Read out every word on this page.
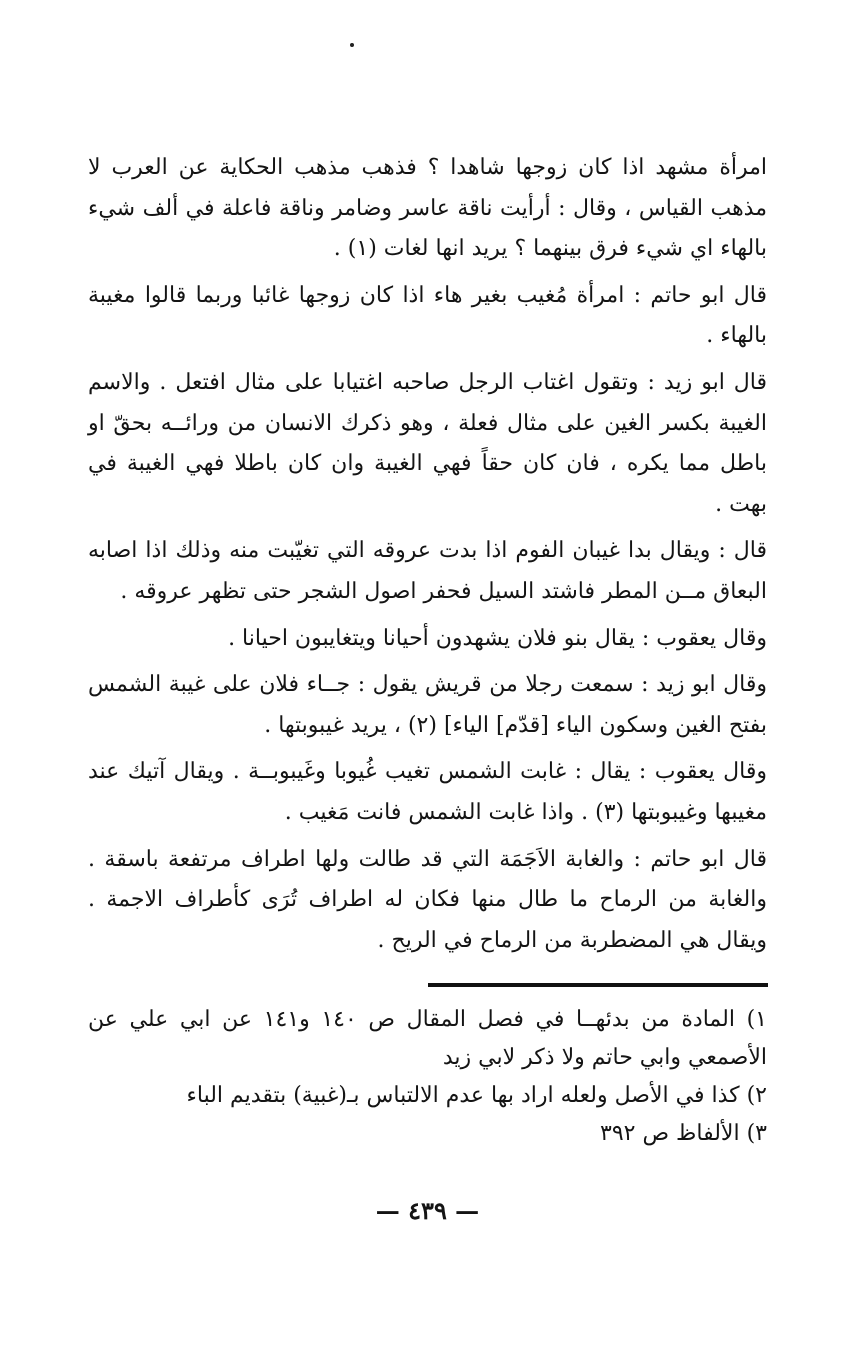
امرأة مشهد اذا كان زوجها شاهدا ؟ فذهب مذهب الحكاية عن العرب لا مذهب القياس ، وقال : أرأيت ناقة عاسر وضامر وناقة فاعلة في ألف شيء بالهاء اي شيء فرق بينهما ؟ يريد انها لغات (١) .

قال ابو حاتم : امرأة مُغيب بغير هاء اذا كان زوجها غائبا وربما قالوا مغيبة بالهاء .

قال ابو زيد : وتقول اغتاب الرجل صاحبه اغتيابا على مثال افتعل . والاسم الغيبة بكسر الغين على مثال فعلة ، وهو ذكرك الانسان من ورائــه بحقّ او باطل مما يكره ، فان كان حقاً فهي الغيبة وان كان باطلا فهي الغيبة في بهت .

قال : ويقال بدا غيبان الفوم اذا بدت عروقه التي تغيّبت منه وذلك اذا اصابه البعاق مــن المطر فاشتد السيل فحفر اصول الشجر حتى تظهر عروقه .

وقال يعقوب : يقال بنو فلان يشهدون أحيانا ويتغايبون احيانا .

وقال ابو زيد : سمعت رجلا من قريش يقول : جــاء فلان على غيبة الشمس بفتح الغين وسكون الياء [قدّم] الياء] (٢) ، يريد غيبوبتها .

وقال يعقوب : يقال : غابت الشمس تغيب غُيوبا وغَيبوبــة . ويقال آتيك عند مغيبها وغيبوبتها (٣) . واذا غابت الشمس فانت مَغيب .

قال ابو حاتم : والغابة الاَجَمَة التي قد طالت ولها اطراف مرتفعة باسقة . والغابة من الرماح ما طال منها فكان له اطراف تُرَى كأطراف الاجمة . ويقال هي المضطربة من الرماح في الريح .

١) المادة من بدئهــا في فصل المقال ص ١٤٠ و١٤١ عن ابي علي عن الأصمعي وابي حاتم ولا ذكر لابي زيد

٢) كذا في الأصل ولعله اراد بها عدم الالتباس بـ(غبية) بتقديم الباء

٣) الألفاظ ص ٣٩٢

— ٤٣٩ —
